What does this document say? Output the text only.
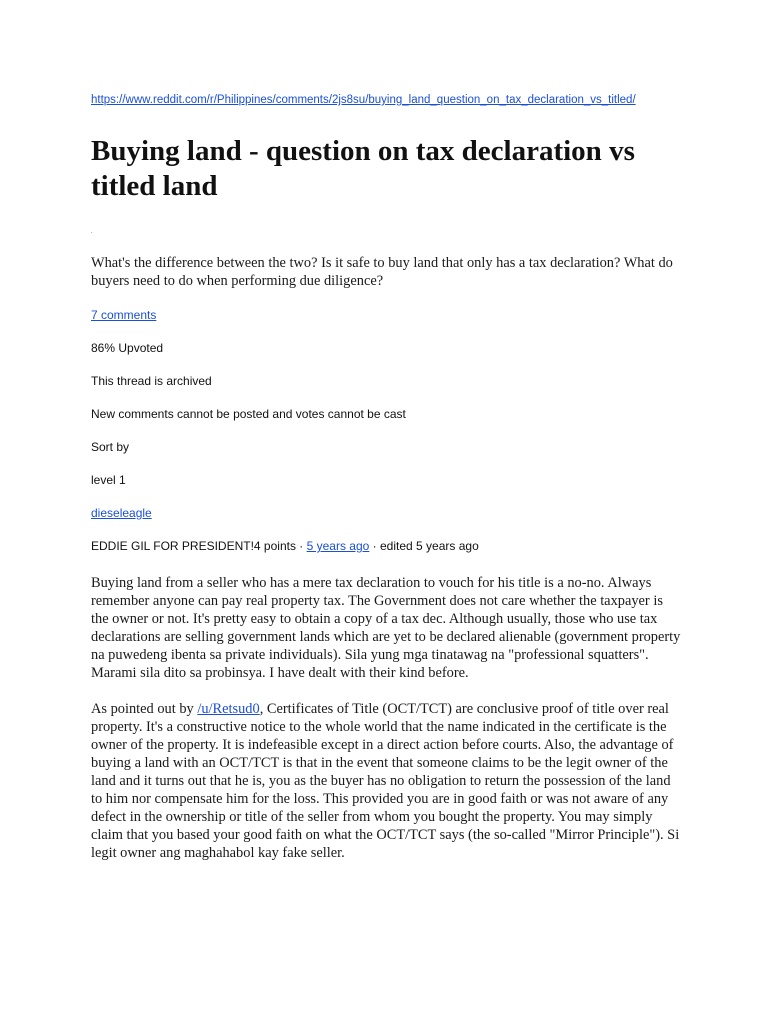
https://www.reddit.com/r/Philippines/comments/2js8su/buying_land_question_on_tax_declaration_vs_titled/
Buying land - question on tax declaration vs titled land
.

What's the difference between the two? Is it safe to buy land that only has a tax declaration? What do buyers need to do when performing due diligence?

7 comments

86% Upvoted

This thread is archived

New comments cannot be posted and votes cannot be cast

Sort by

level 1

dieseleagle

EDDIE GIL FOR PRESIDENT!4 points · 5 years ago · edited 5 years ago

Buying land from a seller who has a mere tax declaration to vouch for his title is a no-no. Always remember anyone can pay real property tax. The Government does not care whether the taxpayer is the owner or not. It's pretty easy to obtain a copy of a tax dec. Although usually, those who use tax declarations are selling government lands which are yet to be declared alienable (government property na puwedeng ibenta sa private individuals). Sila yung mga tinatawag na "professional squatters". Marami sila dito sa probinsya. I have dealt with their kind before.

As pointed out by /u/Retsud0, Certificates of Title (OCT/TCT) are conclusive proof of title over real property. It's a constructive notice to the whole world that the name indicated in the certificate is the owner of the property. It is indefeasible except in a direct action before courts. Also, the advantage of buying a land with an OCT/TCT is that in the event that someone claims to be the legit owner of the land and it turns out that he is, you as the buyer has no obligation to return the possession of the land to him nor compensate him for the loss. This provided you are in good faith or was not aware of any defect in the ownership or title of the seller from whom you bought the property. You may simply claim that you based your good faith on what the OCT/TCT says (the so-called "Mirror Principle"). Si legit owner ang maghahabol kay fake seller.
